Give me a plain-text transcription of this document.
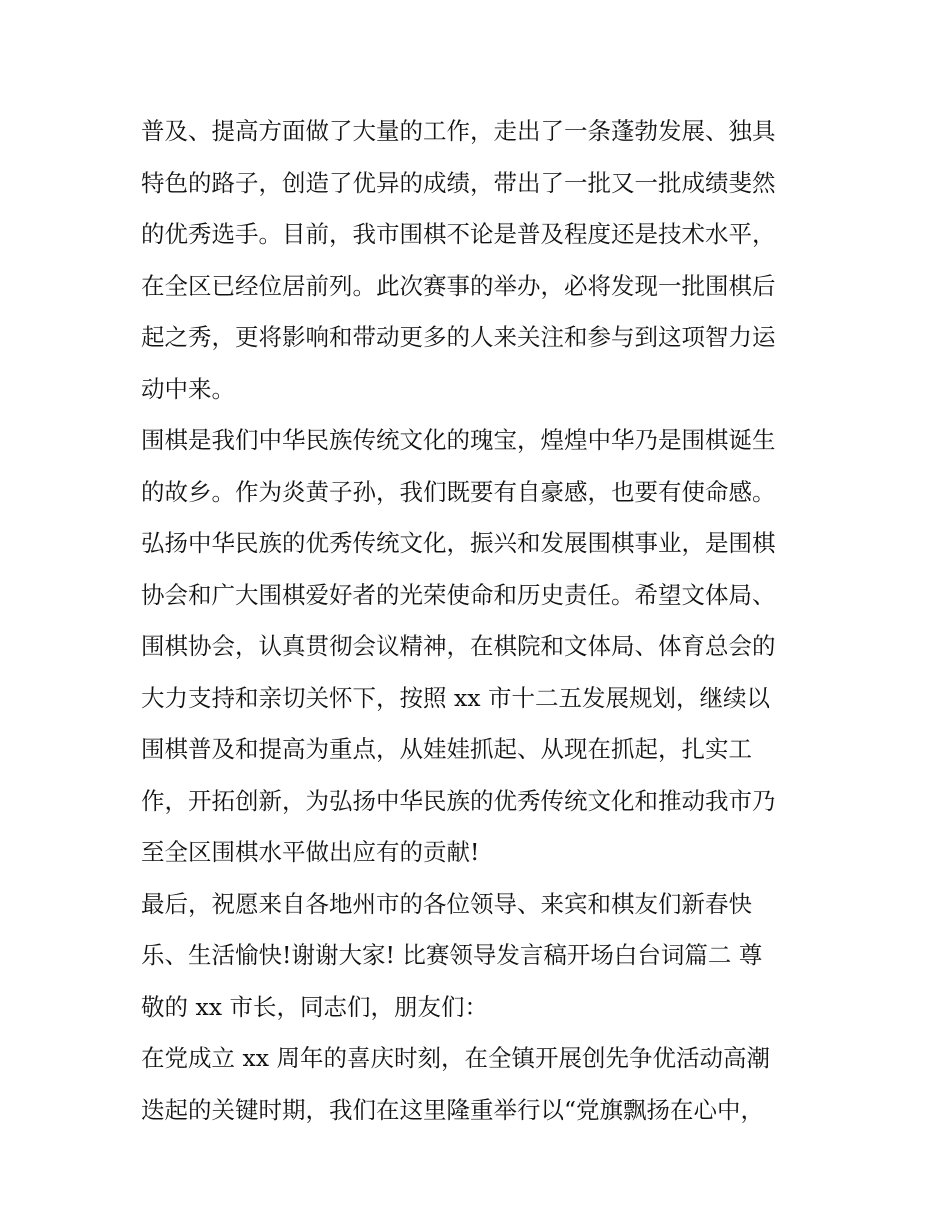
普及、提高方面做了大量的工作，走出了一条蓬勃发展、独具
特色的路子，创造了优异的成绩，带出了一批又一批成绩斐然
的优秀选手。目前，我市围棋不论是普及程度还是技术水平，
在全区已经位居前列。此次赛事的举办，必将发现一批围棋后
起之秀，更将影响和带动更多的人来关注和参与到这项智力运
动中来。
围棋是我们中华民族传统文化的瑰宝，煌煌中华乃是围棋诞生
的故乡。作为炎黄子孙，我们既要有自豪感，也要有使命感。
弘扬中华民族的优秀传统文化，振兴和发展围棋事业，是围棋
协会和广大围棋爱好者的光荣使命和历史责任。希望文体局、
围棋协会，认真贯彻会议精神，在棋院和文体局、体育总会的
大力支持和亲切关怀下，按照 xx 市十二五发展规划，继续以
围棋普及和提高为重点，从娃娃抓起、从现在抓起，扎实工
作，开拓创新，为弘扬中华民族的优秀传统文化和推动我市乃
至全区围棋水平做出应有的贡献!
最后，祝愿来自各地州市的各位领导、来宾和棋友们新春快
乐、生活愉快!谢谢大家! 比赛领导发言稿开场白台词篇二 尊
敬的 xx 市长，同志们，朋友们：
在党成立 xx 周年的喜庆时刻，在全镇开展创先争优活动高潮
迭起的关键时期，我们在这里隆重举行以“党旗飘扬在心中，
